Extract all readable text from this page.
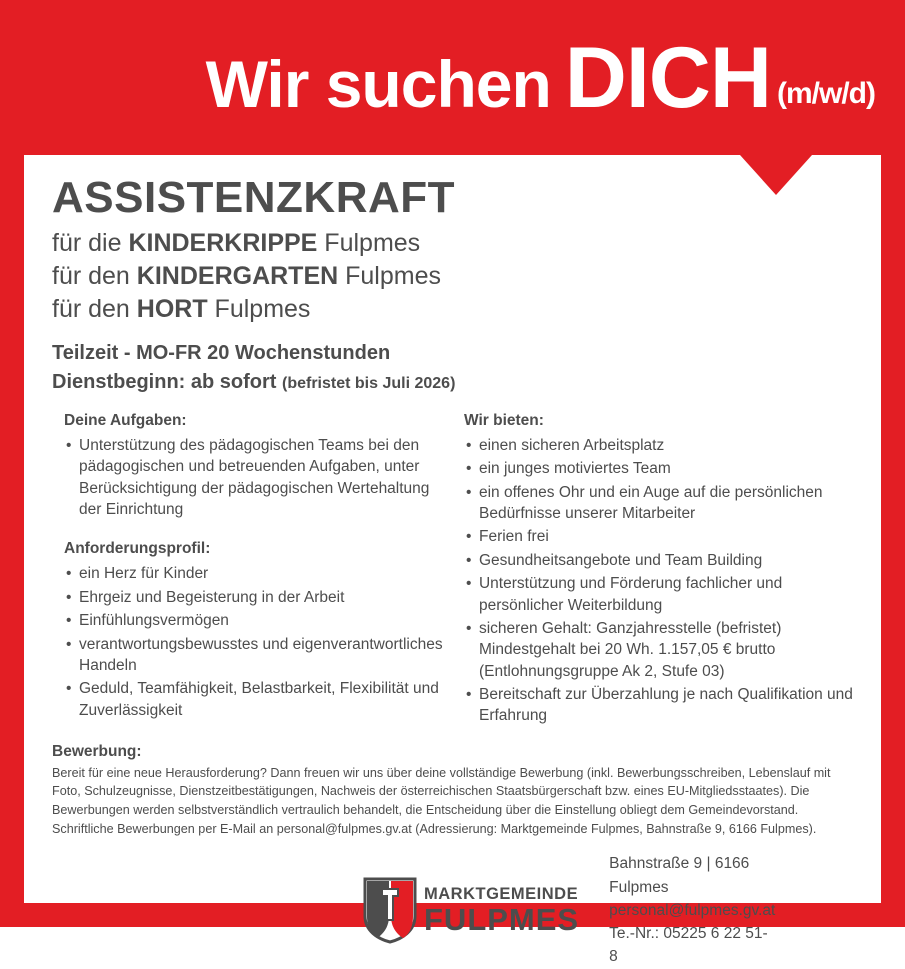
Wir suchen DICH (m/w/d)
ASSISTENZKRAFT
für die KINDERKRIPPE Fulpmes
für den KINDERGARTEN Fulpmes
für den HORT Fulpmes
Teilzeit - MO-FR 20 Wochenstunden
Dienstbeginn: ab sofort (befristet bis Juli 2026)
Deine Aufgaben:
• Unterstützung des pädagogischen Teams bei den pädagogischen und betreuenden Aufgaben, unter Berücksichtigung der pädagogischen Wertehaltung der Einrichtung
Anforderungsprofil:
• ein Herz für Kinder
• Ehrgeiz und Begeisterung in der Arbeit
• Einfühlungsvermögen
• verantwortungsbewusstes und eigenverantwortliches Handeln
• Geduld, Teamfähigkeit, Belastbarkeit, Flexibilität und Zuverlässigkeit
Wir bieten:
• einen sicheren Arbeitsplatz
• ein junges motiviertes Team
• ein offenes Ohr und ein Auge auf die persönlichen Bedürfnisse unserer Mitarbeiter
• Ferien frei
• Gesundheitsangebote und Team Building
• Unterstützung und Förderung fachlicher und persönlicher Weiterbildung
• sicheren Gehalt: Ganzjahresstelle (befristet) Mindestgehalt bei 20 Wh. 1.157,05 € brutto (Entlohnungsgruppe Ak 2, Stufe 03)
• Bereitschaft zur Überzahlung je nach Qualifikation und Erfahrung
Bewerbung:

Bereit für eine neue Herausforderung? Dann freuen wir uns über deine vollständige Bewerbung (inkl. Bewerbungsschreiben, Lebenslauf mit Foto, Schulzeugnisse, Dienstzeitbestätigungen, Nachweis der österreichischen Staatsbürgerschaft bzw. eines EU-Mitgliedsstaates). Die Bewerbungen werden selbstverständlich vertraulich behandelt, die Entscheidung über die Einstellung obliegt dem Gemeindevorstand. Schriftliche Bewerbungen per E-Mail an personal@fulpmes.gv.at (Adressierung: Marktgemeinde Fulpmes, Bahnstraße 9, 6166 Fulpmes).

MARKTGEMEINDE
FULPMES
Bahnstraße 9 | 6166 Fulpmes
personal@fulpmes.gv.at
Te.-Nr.: 05225 6 22 51-8
